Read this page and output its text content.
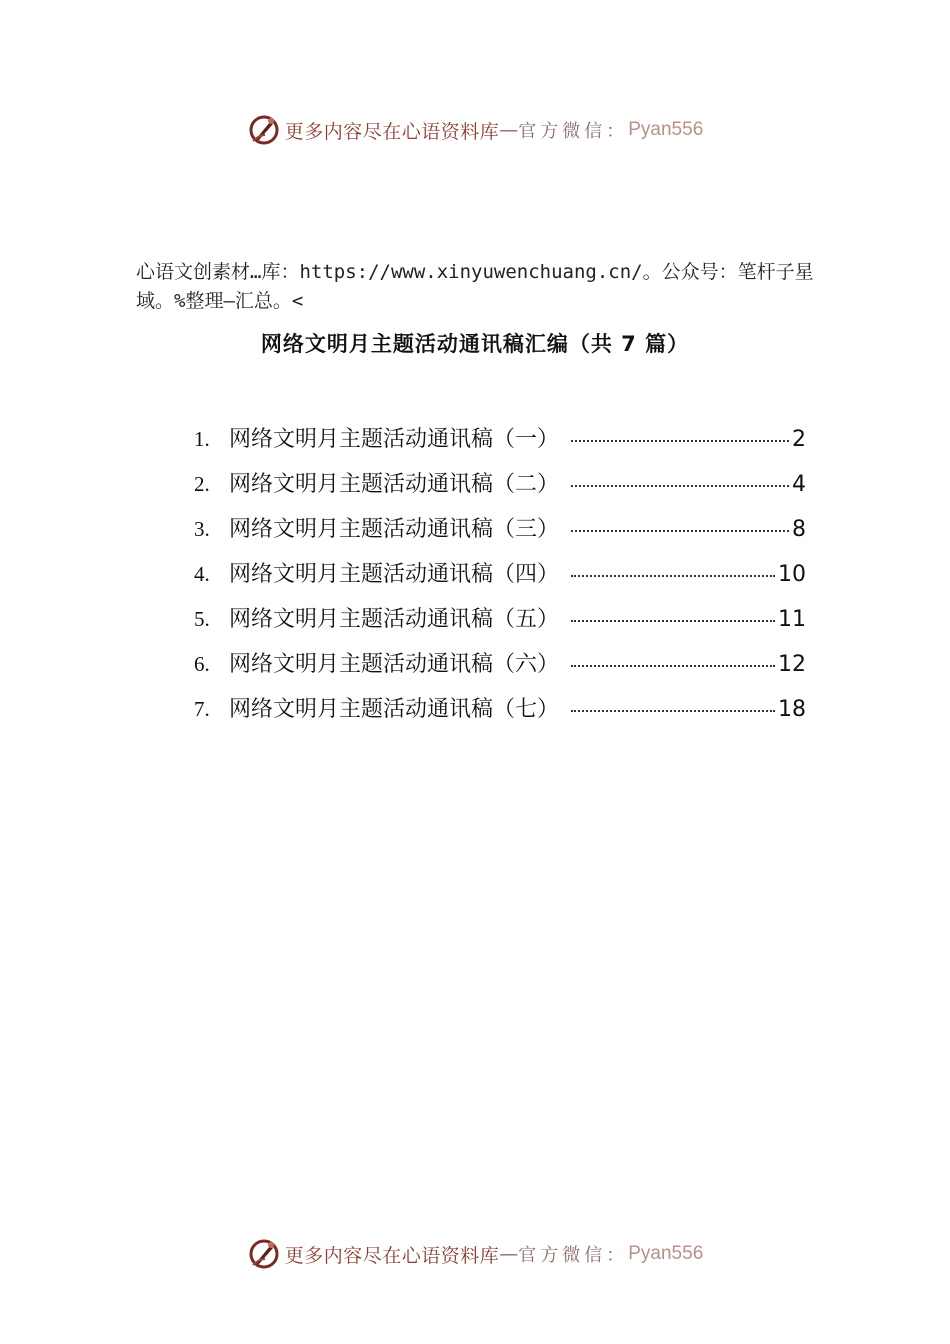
更多内容尽在心语资料库 — 官方微信： Pyan556
心语文创素材…库：https://www.xinyuwenchuang.cn/。公众号：笔杆子星域。%整理—汇总。<
网络文明月主题活动通讯稿汇编（共 7 篇）
1. 网络文明月主题活动通讯稿（一）	2
2. 网络文明月主题活动通讯稿（二）	4
3. 网络文明月主题活动通讯稿（三）	8
4. 网络文明月主题活动通讯稿（四）	10
5. 网络文明月主题活动通讯稿（五）	11
6. 网络文明月主题活动通讯稿（六）	12
7. 网络文明月主题活动通讯稿（七）	18
更多内容尽在心语资料库 — 官方微信： Pyan556
